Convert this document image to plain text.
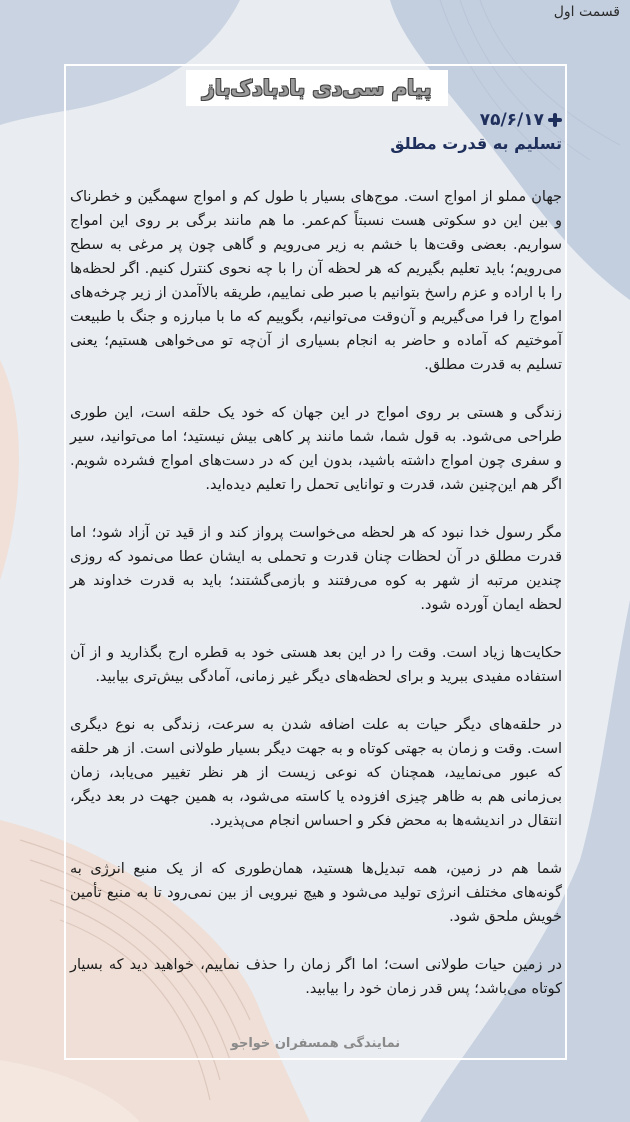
قسمت اول
پیام سی‌دی بادبادک‌باز

۷۵/۶/۱۷

تسلیم به قدرت مطلق

جهان مملو از امواج است. موج‌های بسیار با طول کم و امواج سهمگین و خطرناک و بین این دو سکوتی هست نسبتاً کم‌عمر. ما هم مانند برگی بر روی این امواج سواریم. بعضی وقت‌ها با خشم به زیر می‌رویم و گاهی چون پر مرغی به سطح می‌رویم؛ باید تعلیم بگیریم که هر لحظه آن را با چه نحوی کنترل کنیم. اگر لحظه‌ها را با اراده و عزم راسخ بتوانیم با صبر طی نماییم، طریقه بالاآمدن از زیر چرخه‌های امواج را فرا می‌گیریم و آن‌وقت می‌توانیم، بگوییم که ما با مبارزه و جنگ با طبیعت آموختیم که آماده و حاضر به انجام بسیاری از آن‌چه تو می‌خواهی هستیم؛ یعنی تسلیم به قدرت مطلق.

زندگی و هستی بر روی امواج در این جهان که خود یک حلقه است، این طوری طراحی می‌شود. به قول شما، شما مانند پر کاهی بیش نیستید؛ اما می‌توانید، سیر و سفری چون امواج داشته باشید، بدون این که در دست‌های امواج فشرده شویم. اگر هم این‌چنین شد، قدرت و توانایی تحمل را تعلیم دیده‌اید.

مگر رسول خدا نبود که هر لحظه می‌خواست پرواز کند و از قید تن آزاد شود؛ اما قدرت مطلق در آن لحظات چنان قدرت و تحملی به ایشان عطا می‌نمود که روزی چندین مرتبه از شهر به کوه می‌رفتند و بازمی‌گشتند؛ باید به قدرت خداوند هر لحظه ایمان آورده شود.

حکایت‌ها زیاد است. وقت را در این بعد هستی خود به قطره ارج بگذارید و از آن استفاده مفیدی ببرید و برای لحظه‌های دیگر غیر زمانی، آمادگی بیش‌تری بیابید.

در حلقه‌های دیگر حیات به علت اضافه شدن به سرعت، زندگی به نوع دیگری است. وقت و زمان به جهتی کوتاه و به جهت دیگر بسیار طولانی است. از هر حلقه که عبور می‌نمایید، همچنان که نوعی زیست از هر نظر تغییر می‌یابد، زمان بی‌زمانی هم به ظاهر چیزی افزوده یا کاسته می‌شود، به همین جهت در بعد دیگر، انتقال در اندیشه‌ها به محض فکر و احساس انجام می‌پذیرد.

شما هم در زمین، همه تبدیل‌ها هستید، همان‌طوری که از یک منبع انرژی به گونه‌های مختلف انرژی تولید می‌شود و هیچ نیرویی از بین نمی‌رود تا به منبع تأمین خویش ملحق شود.

در زمین حیات طولانی است؛ اما اگر زمان را حذف نماییم، خواهید دید که بسیار کوتاه می‌باشد؛ پس قدر زمان خود را بیابید.

نمایندگی همسفران خواجو
